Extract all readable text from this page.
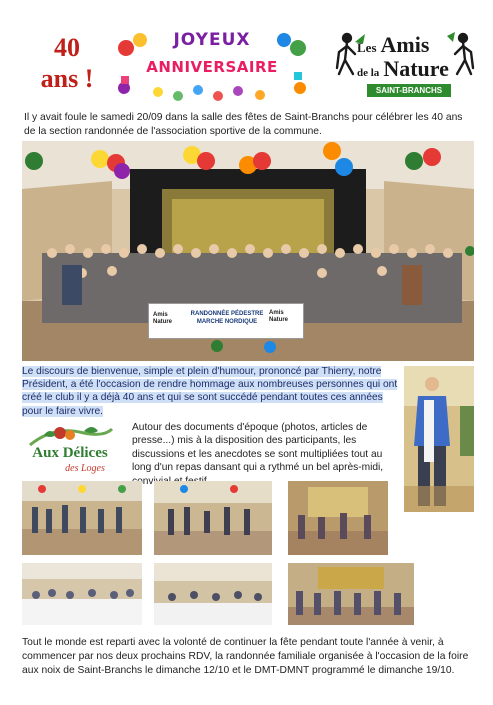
40
ans !
JOYEUX
ANNIVERSAIRE
Les Amis
de la Nature
SAINT-BRANCHS
Il y avait foule le samedi 20/09 dans la salle des fêtes de Saint-Branchs pour célébrer les 40 ans de la section randonnée de l'association sportive de la commune.
Amis Nature
RANDONNÉE PÉDESTRE
MARCHE NORDIQUE
Amis Nature
Le discours de bienvenue, simple et plein d'humour, prononcé par Thierry, notre Président, a été l'occasion de rendre hommage aux nombreuses personnes qui ont créé le club il y a déjà 40 ans et qui se sont succédé pendant toutes ces années pour le faire vivre.
Aux Délices
des Loges
Autour des documents d'époque (photos, articles de presse...) mis à la disposition des participants, les discussions et les anecdotes se sont multipliées tout au long d'un repas dansant qui a rythmé un bel après-midi, convivial
Tout le monde est reparti avec la volonté de continuer la fête pendant toute l'année à venir, à commencer par nos deux prochains RDV, la randonnée familiale organisée à l'occasion de la foire aux noix de Saint-Branchs le dimanche 12/10 et le DMT-DMNT programmé le dimanche 19/10.
